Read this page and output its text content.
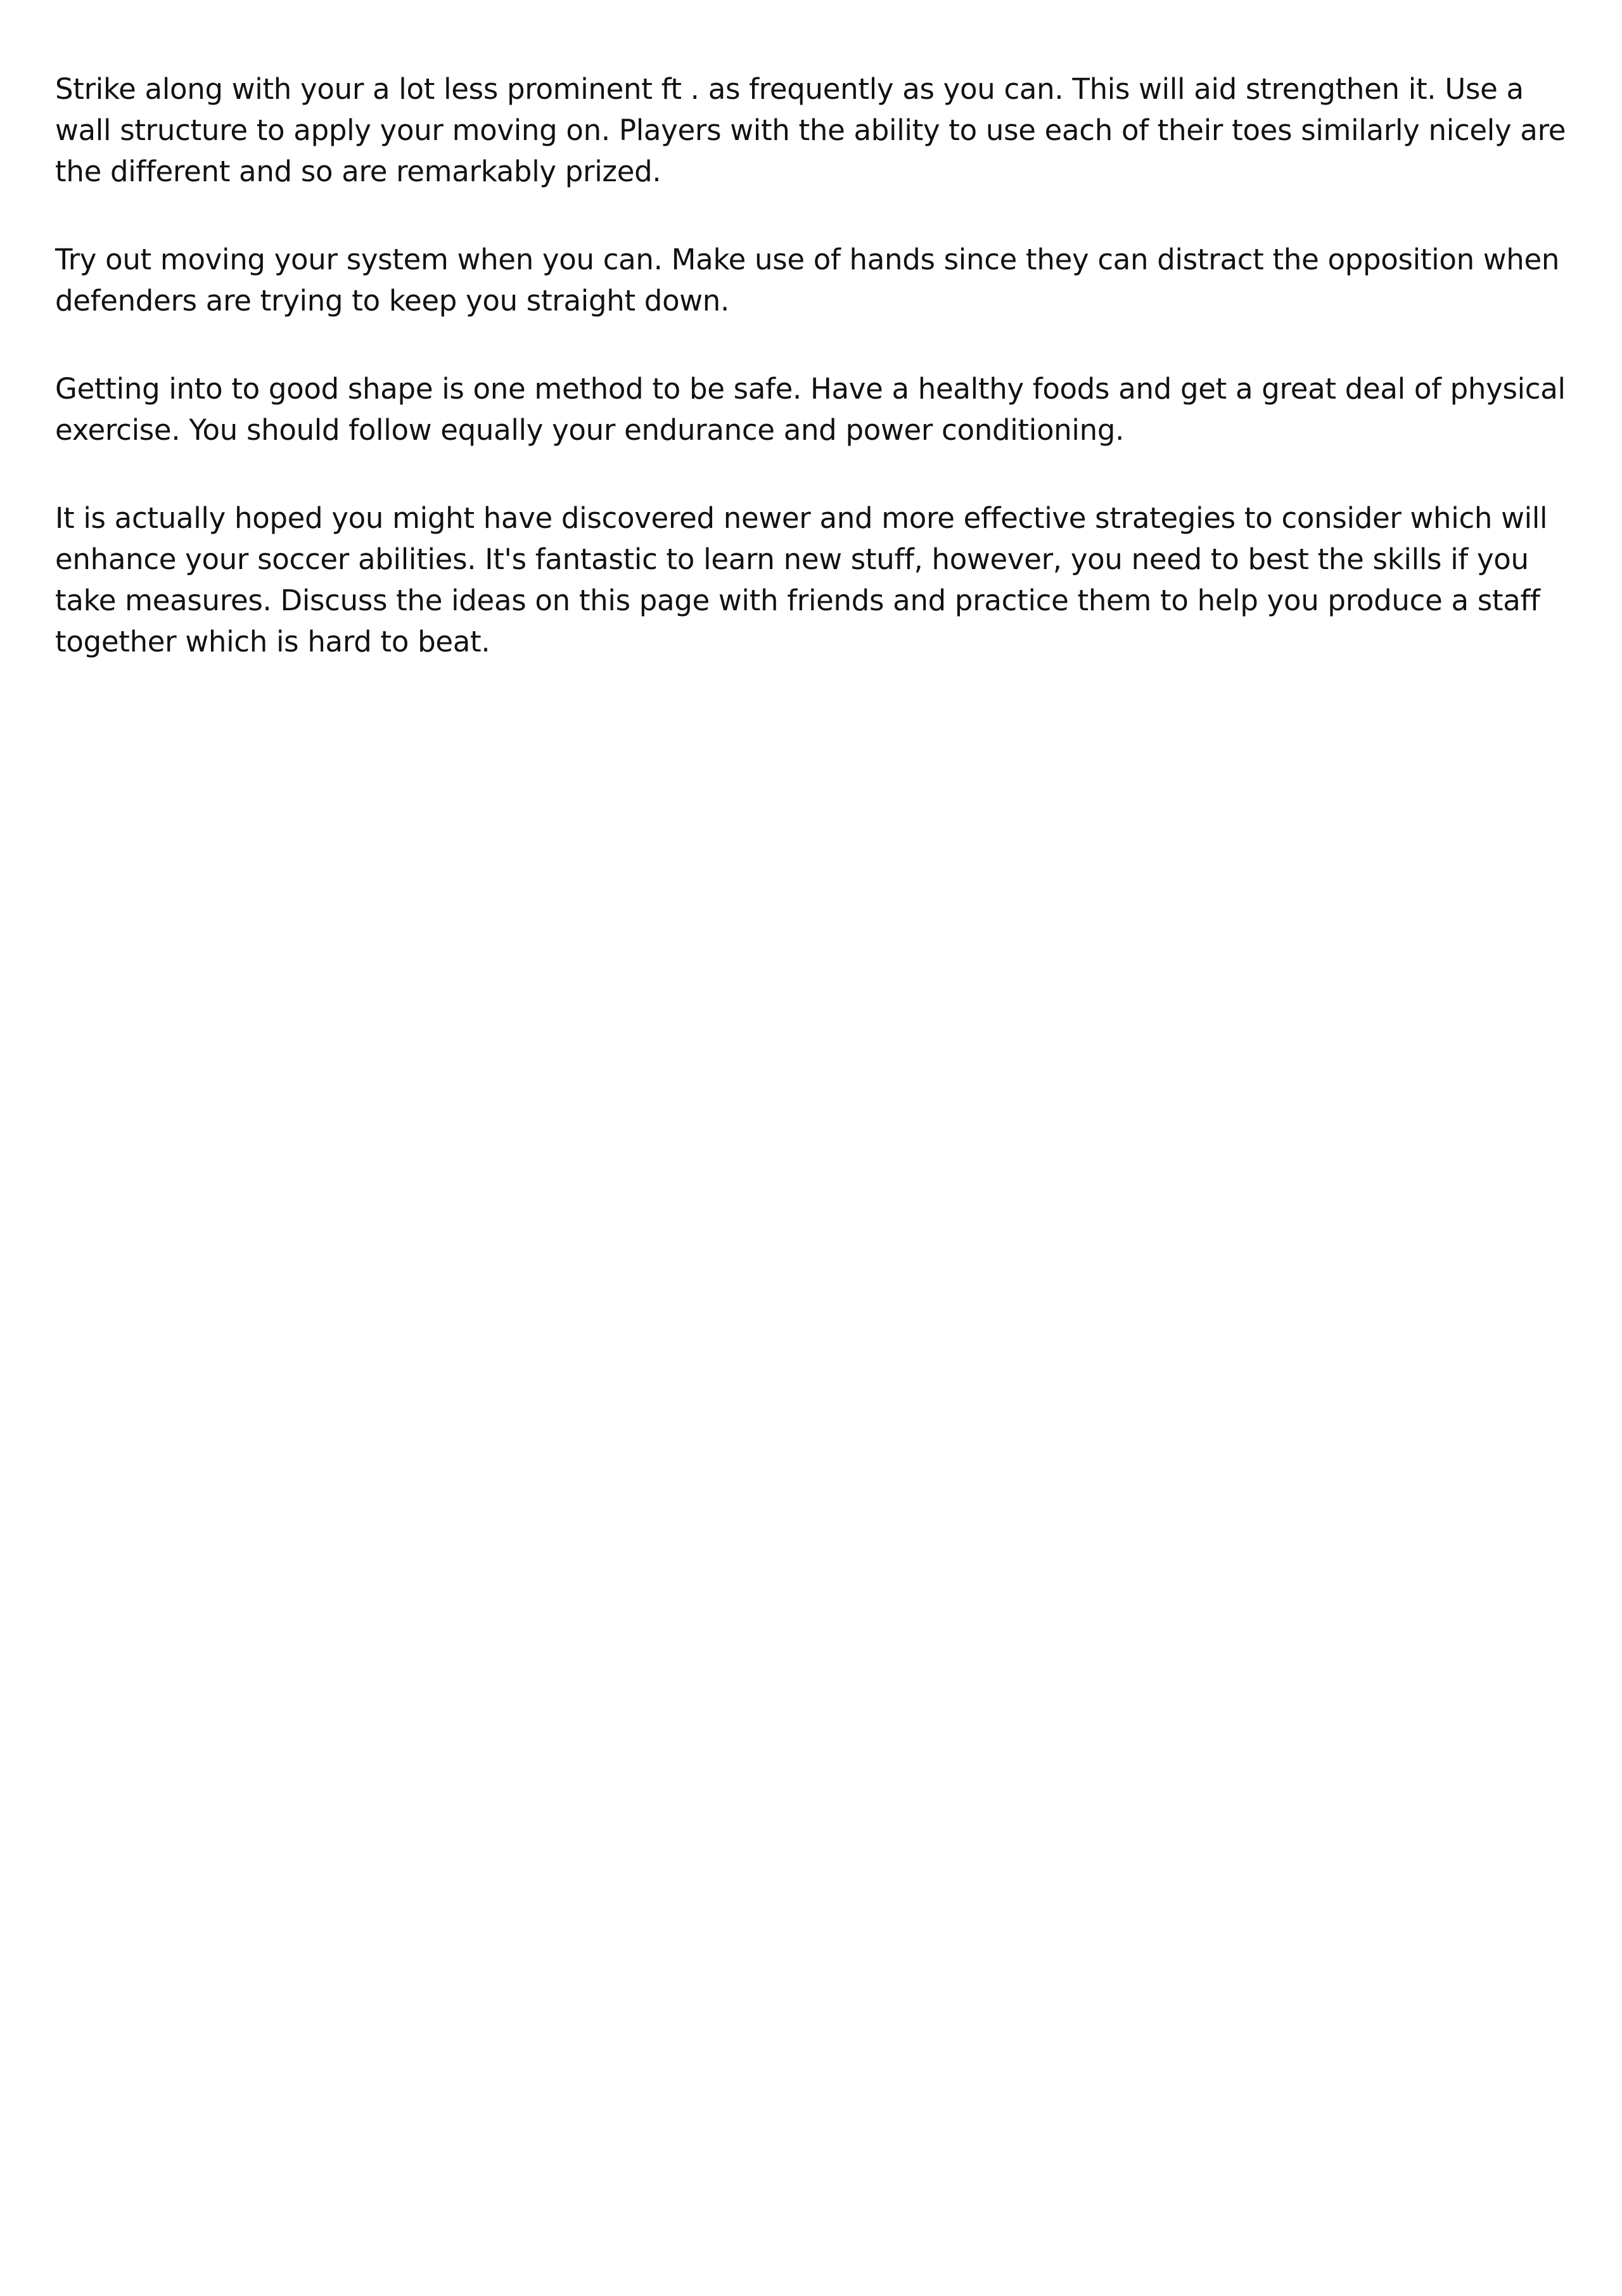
Strike along with your a lot less prominent ft . as frequently as you can. This will aid strengthen it. Use a wall structure to apply your moving on. Players with the ability to use each of their toes similarly nicely are the different and so are remarkably prized.

Try out moving your system when you can. Make use of hands since they can distract the opposition when defenders are trying to keep you straight down.

Getting into to good shape is one method to be safe. Have a healthy foods and get a great deal of physical exercise. You should follow equally your endurance and power conditioning.

It is actually hoped you might have discovered newer and more effective strategies to consider which will enhance your soccer abilities. It's fantastic to learn new stuff, however, you need to best the skills if you take measures. Discuss the ideas on this page with friends and practice them to help you produce a staff together which is hard to beat.
